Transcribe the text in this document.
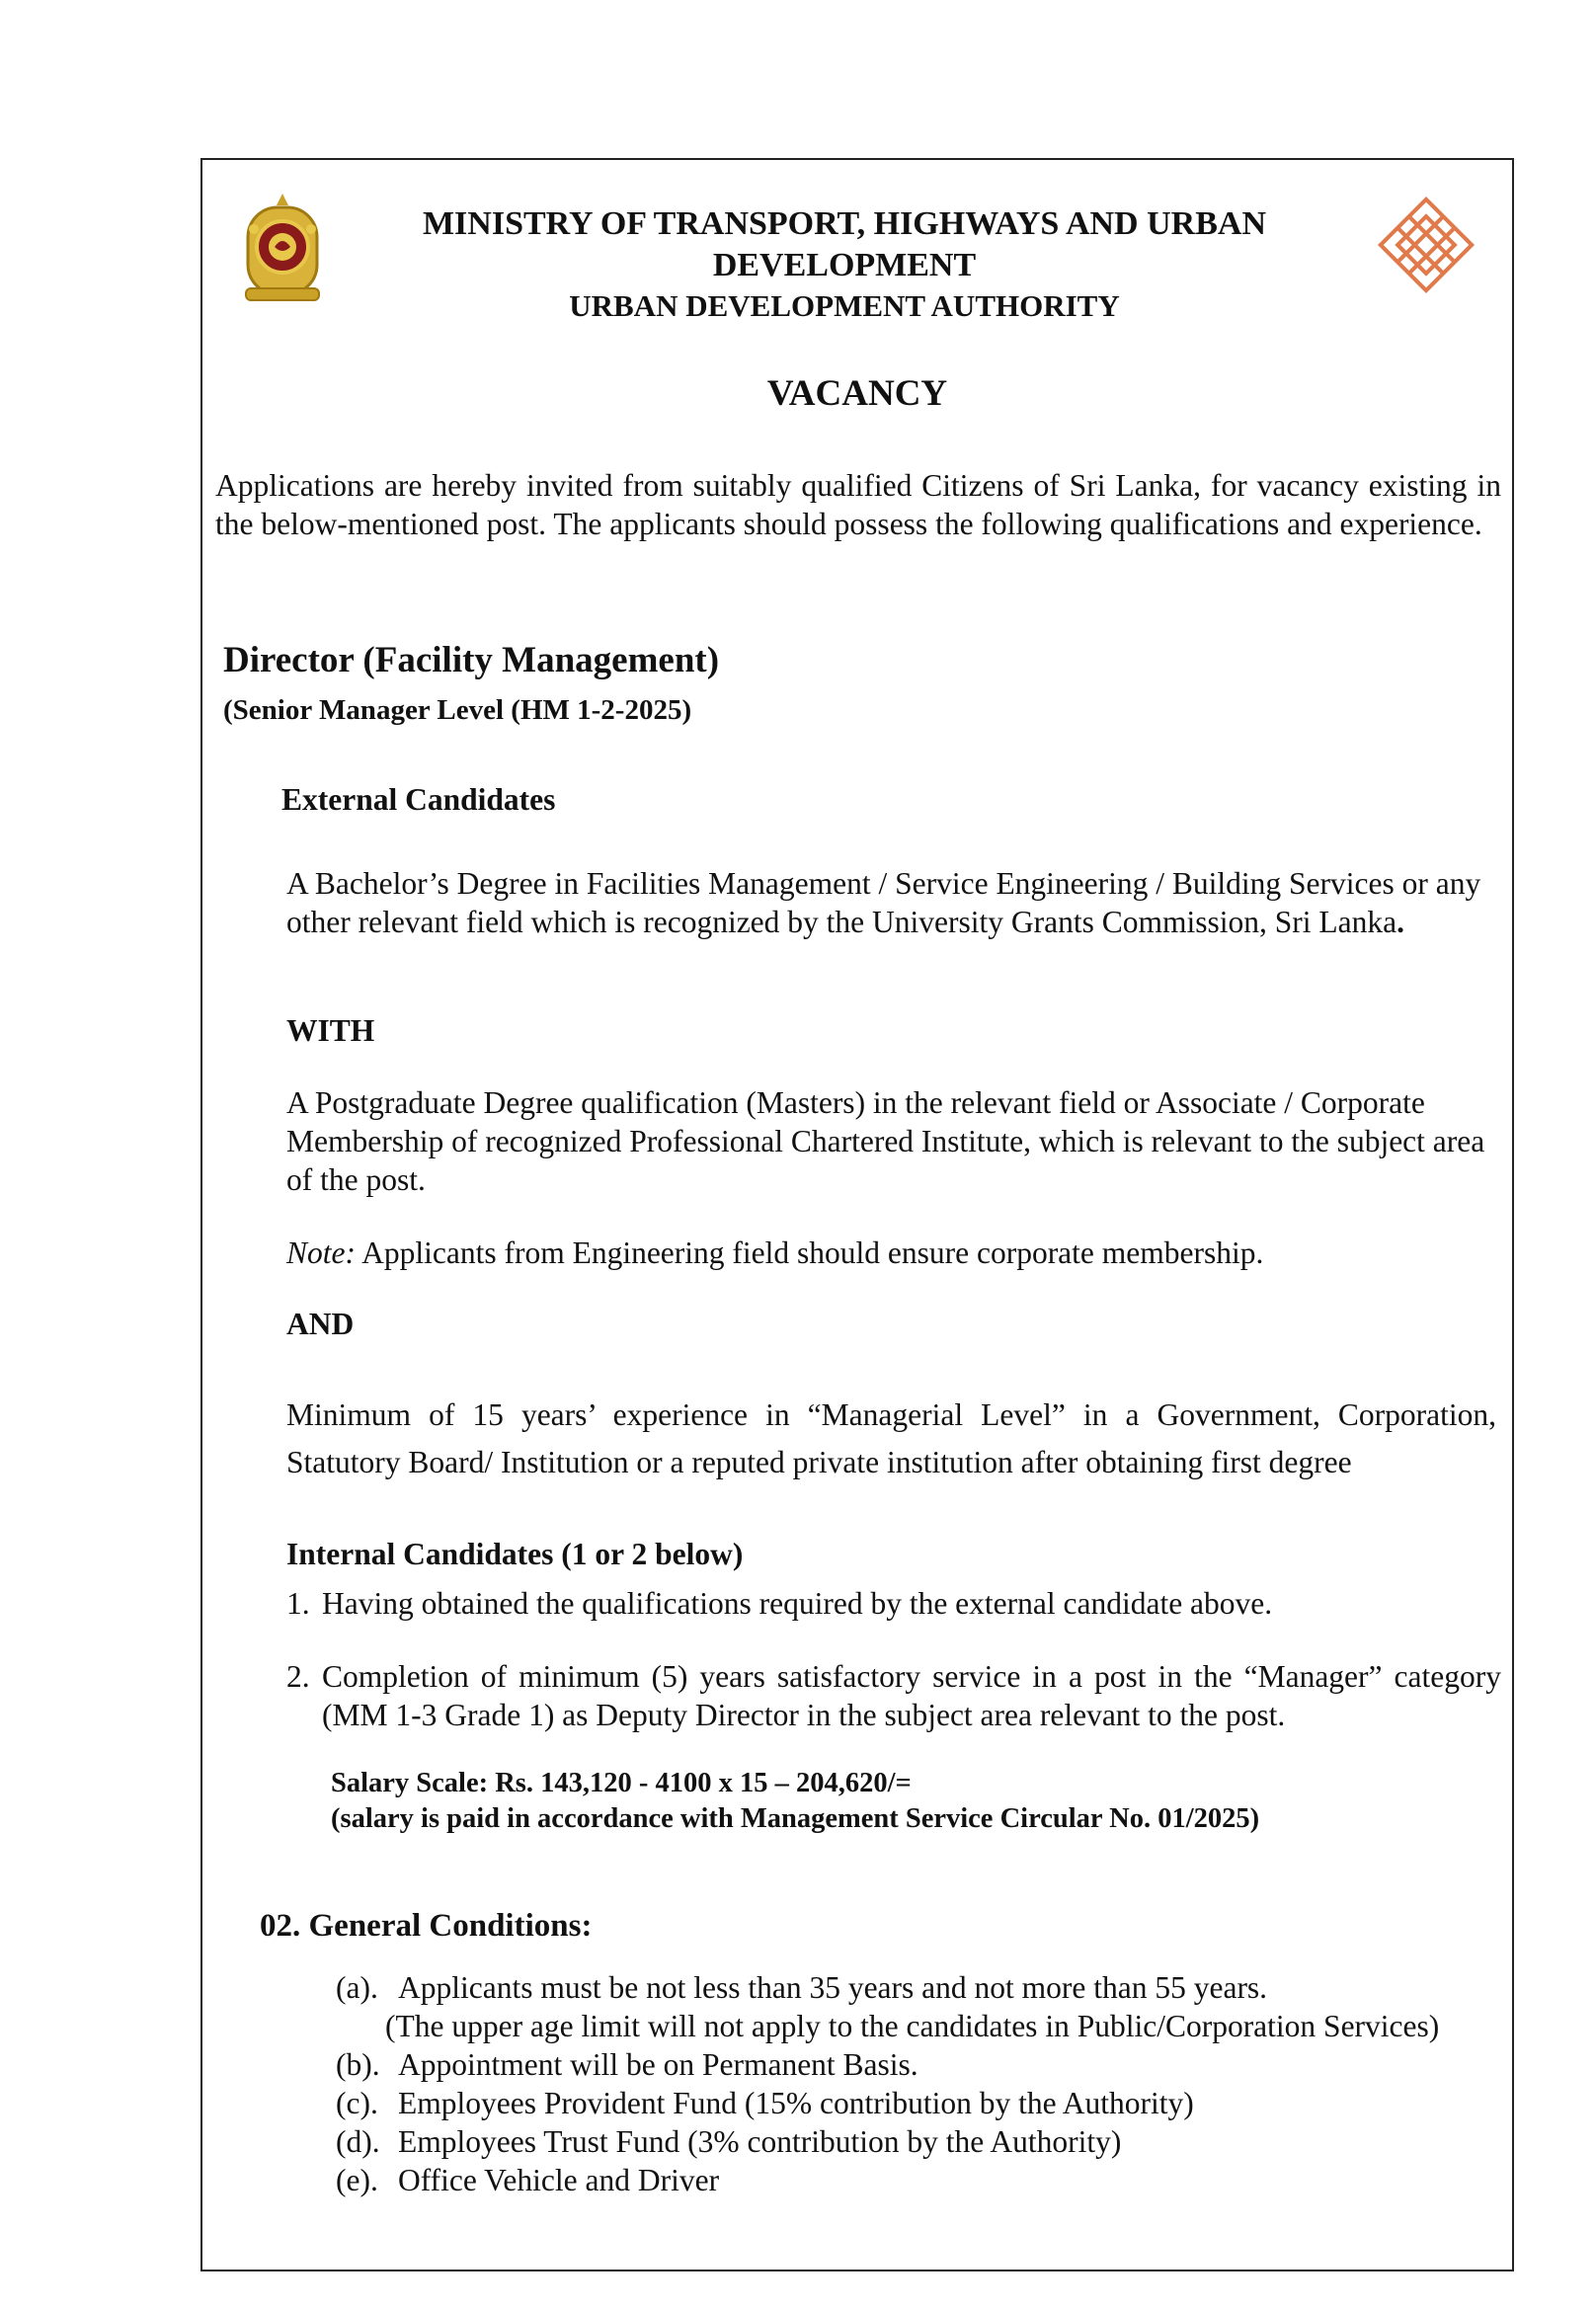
MINISTRY OF TRANSPORT, HIGHWAYS AND URBAN
DEVELOPMENT
URBAN DEVELOPMENT AUTHORITY
VACANCY
Applications are hereby invited from suitably qualified Citizens of Sri Lanka, for vacancy existing in the below-mentioned post. The applicants should possess the following qualifications and experience.
Director (Facility Management)
(Senior Manager Level (HM 1-2-2025)
External Candidates
A Bachelor’s Degree in Facilities Management / Service Engineering / Building Services or any other relevant field which is recognized by the University Grants Commission, Sri Lanka.
WITH
A Postgraduate Degree qualification (Masters) in the relevant field or Associate / Corporate Membership of recognized Professional Chartered Institute, which is relevant to the subject area of the post.
Note: Applicants from Engineering field should ensure corporate membership.
AND
Minimum of 15 years’ experience in “Managerial Level” in a Government, Corporation, Statutory Board/ Institution or a reputed private institution after obtaining first degree
Internal Candidates (1 or 2 below)
1. Having obtained the qualifications required by the external candidate above.
2. Completion of minimum (5) years satisfactory service in a post in the “Manager” category (MM 1-3 Grade 1) as Deputy Director in the subject area relevant to the post.
Salary Scale: Rs. 143,120 - 4100 x 15 – 204,620/=
(salary is paid in accordance with Management Service Circular No. 01/2025)
02. General Conditions:
(a). Applicants must be not less than 35 years and not more than 55 years.
(The upper age limit will not apply to the candidates in Public/Corporation Services)
(b). Appointment will be on Permanent Basis.
(c). Employees Provident Fund (15% contribution by the Authority)
(d). Employees Trust Fund (3% contribution by the Authority)
(e). Office Vehicle and Driver
